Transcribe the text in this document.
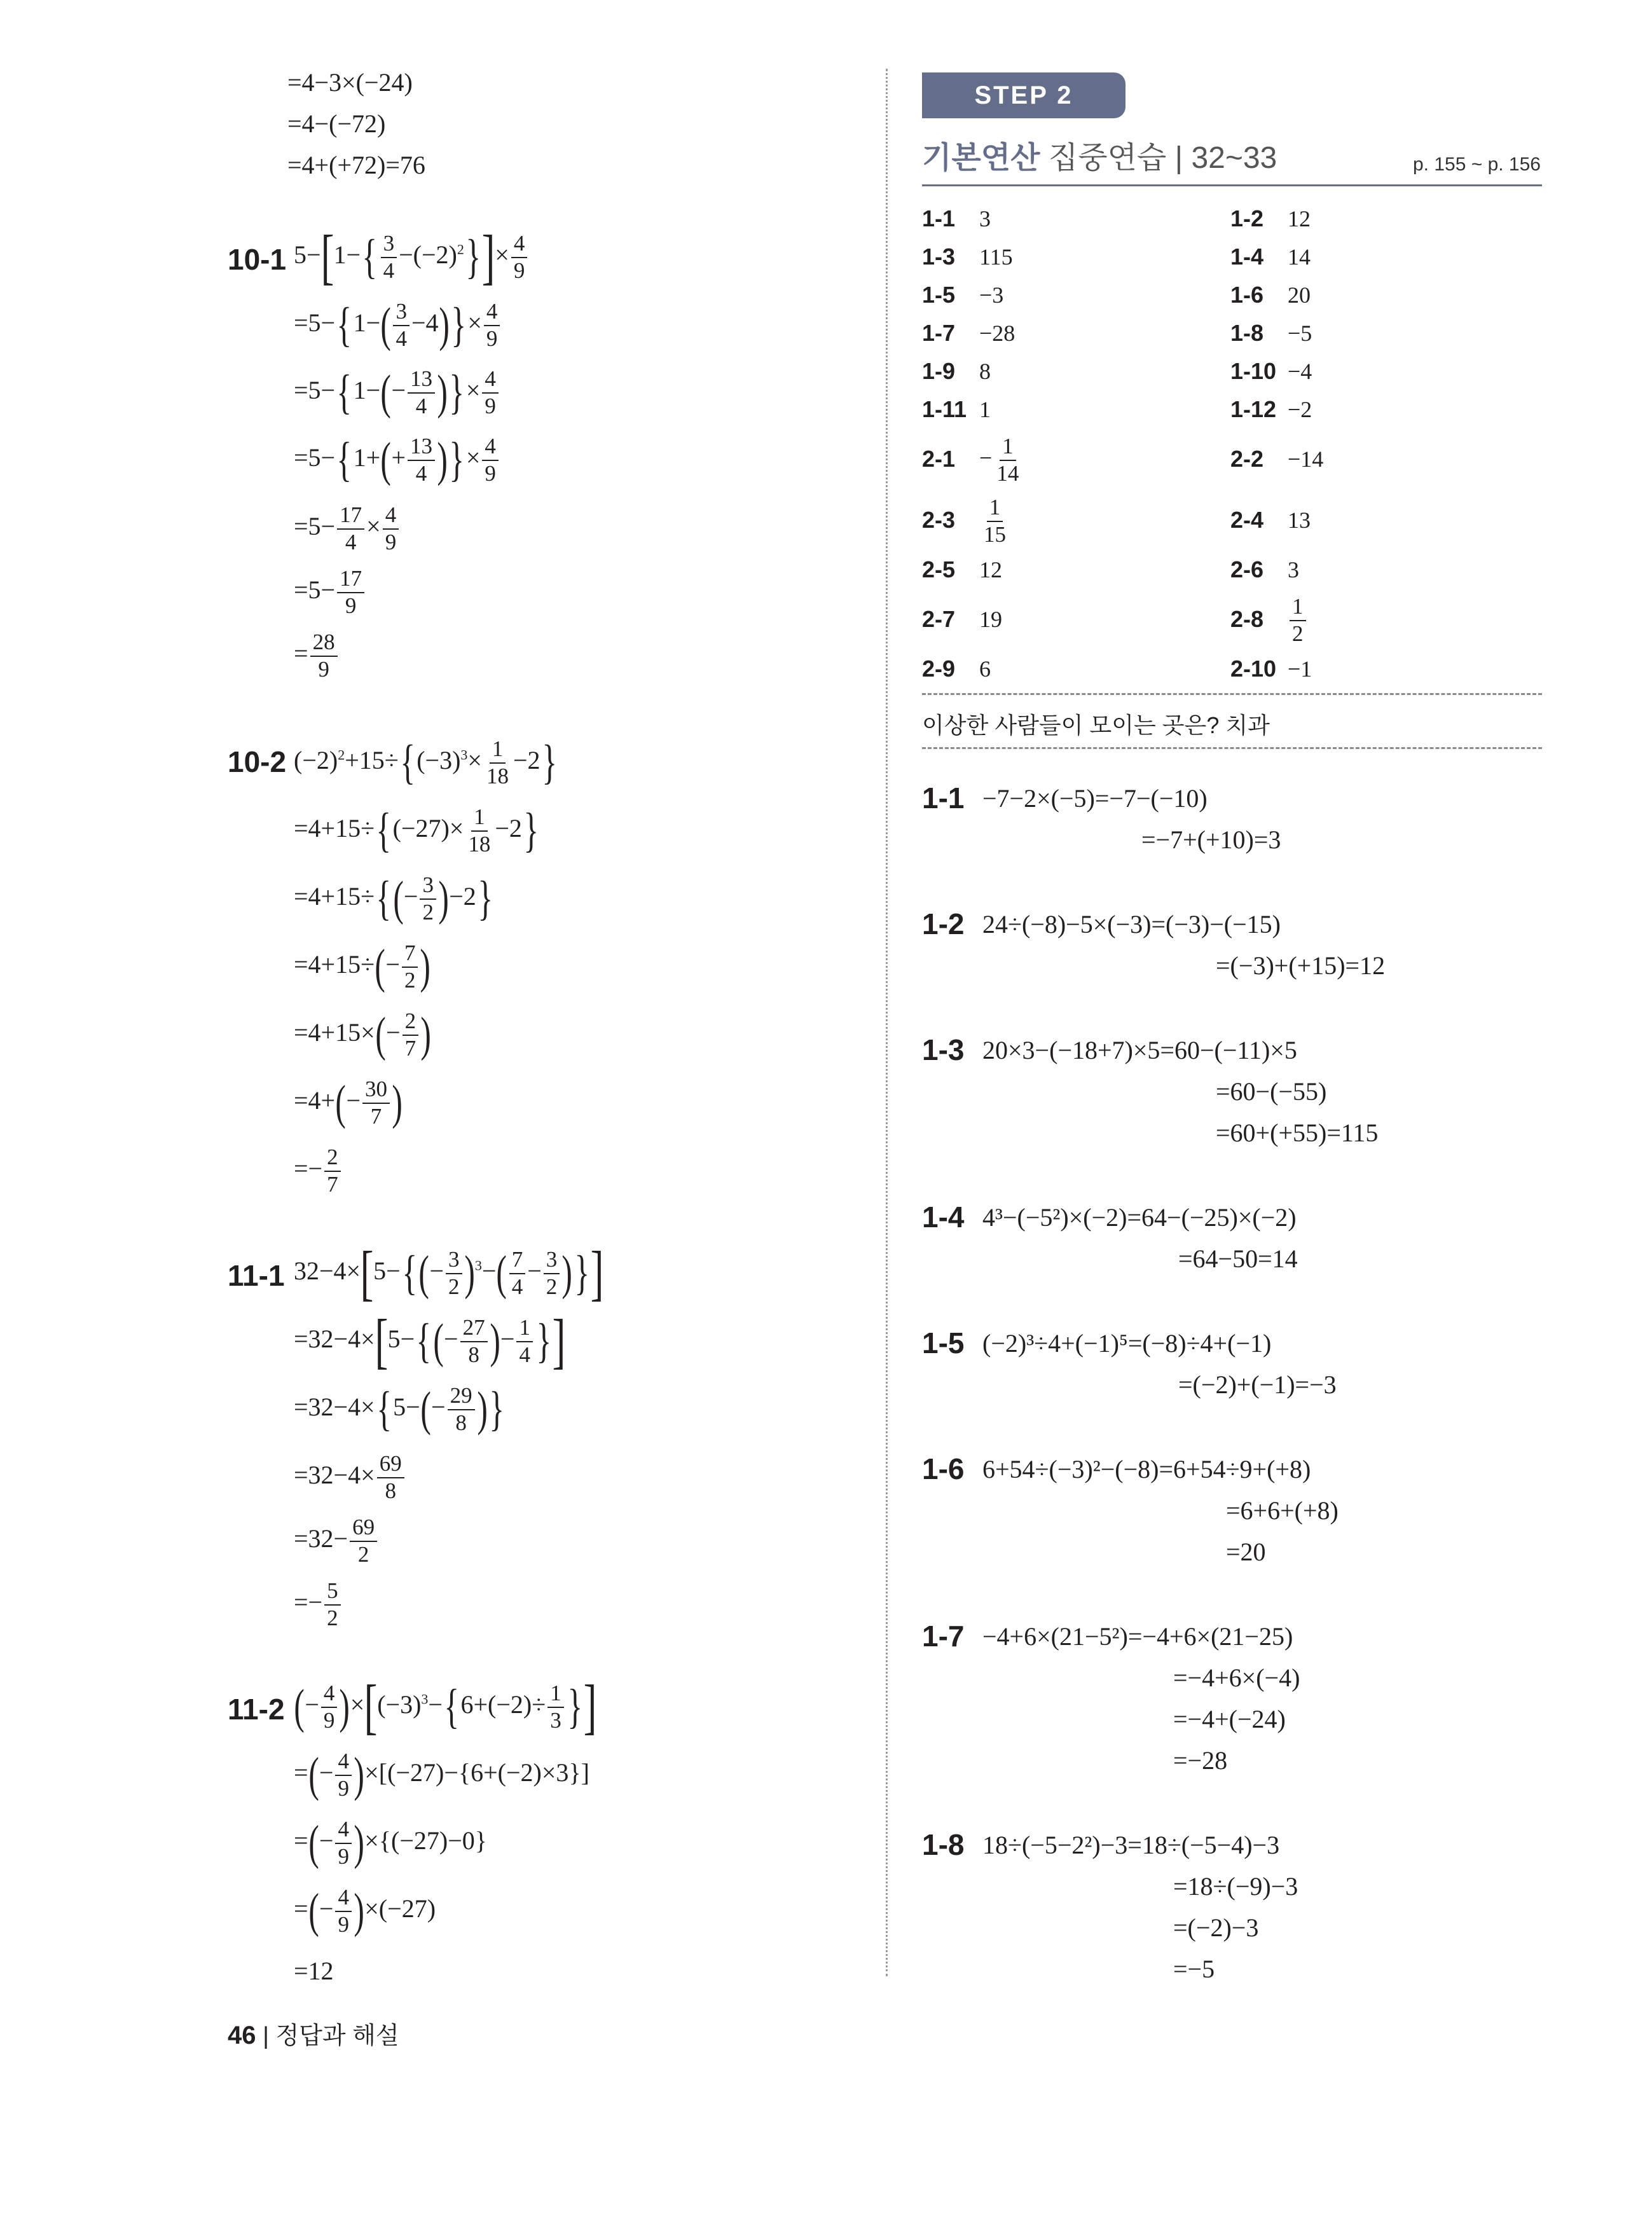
=4−3×(−24)
=4−(−72)
=4+(+72)=76
10-1 $5-[1-\{ \frac{3}{4} -(-2)^2\}]\times \frac{4}{9}$
$=5-\{1-( \frac{3}{4} -4)\}\times \frac{4}{9}$
$=5-\{1-(- \frac{13}{4}$ )}× $\frac{4}{9}$
$=5-\{1+(+ \frac{13}{4}$ )}× $\frac{4}{9}$
$=5- \frac{17}{4} \times \frac{4}{9}$
$=5- \frac{17}{9}$
= $\frac{28}{9}$
10-2 $(-2)^2+15\div\{(-3)^3\times \frac{1}{18} -2\}$
$=4+15\div\{(-27)\times \frac{1}{18} -2\}$
$=4+15\div\{(- \frac{3}{2} )-2\}$
$=4+15\div(- \frac{7}{2}$ )
$=4+15\times(- \frac{2}{7}$ )
$=4+(- \frac{30}{7}$ )
=− $\frac{2}{7}$
11-1 $32-4\times[5-\{(- \frac{3}{2} )^3-( \frac{7}{4} - \frac{3}{2}$ )}]
$=32-4\times[5-\{(- \frac{27}{8}$ )− $\frac{1}{4}$ }]
$=32-4\times\{5-(- \frac{29}{8}$ )}
$=32-4\times \frac{69}{8}$
$=32- \frac{69}{2}$
=− $\frac{5}{2}$
11-2 (− $\frac{4}{9} )\times[(-3)^3-\{6+(-2)\div \frac{1}{3}$ }]
=(− $\frac{4}{9} )\times[(-27)-\{6+(-2)\times 3\}]$
=(− $\frac{4}{9} )\times\{(-27)-0\}$
=(− $\frac{4}{9} )\times(-27)$
=12
STEP 2
기본연산 집중연습 | 32~33	p. 155 ~ p. 156
1-1 3	1-2 12
1-3 115	1-4 14
1-5 −3	1-6 20
1-7 −28	1-8 −5
1-9 8	1-10 −4
1-11 1	1-12 −2
$2-1 - \frac{1}{14}$	2-2 −14
$2-3 \frac{1}{15}$	2-4 13
2-5 12	2-6 3
2-7 19	$2-8 \frac{1}{2}$
2-9 6	2-10 −1
이상한 사람들이 모이는 곳은? 치과
1-1 −7−2×(−5)=−7−(−10)
=−7+(+10)=3
1-2 24÷(−8)−5×(−3)=(−3)−(−15)
=(−3)+(+15)=12
1-3 20×3−(−18+7)×5=60−(−11)×5
=60−(−55)
=60+(+55)=115
1-4 4³−(−5²)×(−2)=64−(−25)×(−2)
=64−50=14
1-5 (−2)³÷4+(−1)⁵=(−8)÷4+(−1)
=(−2)+(−1)=−3
1-6 6+54÷(−3)²−(−8)=6+54÷9+(+8)
=6+6+(+8)
=20
1-7 −4+6×(21−5²)=−4+6×(21−25)
=−4+6×(−4)
=−4+(−24)
=−28
1-8 18÷(−5−2²)−3=18÷(−5−4)−3
=18÷(−9)−3
=(−2)−3
=−5
46 | 정답과 해설
